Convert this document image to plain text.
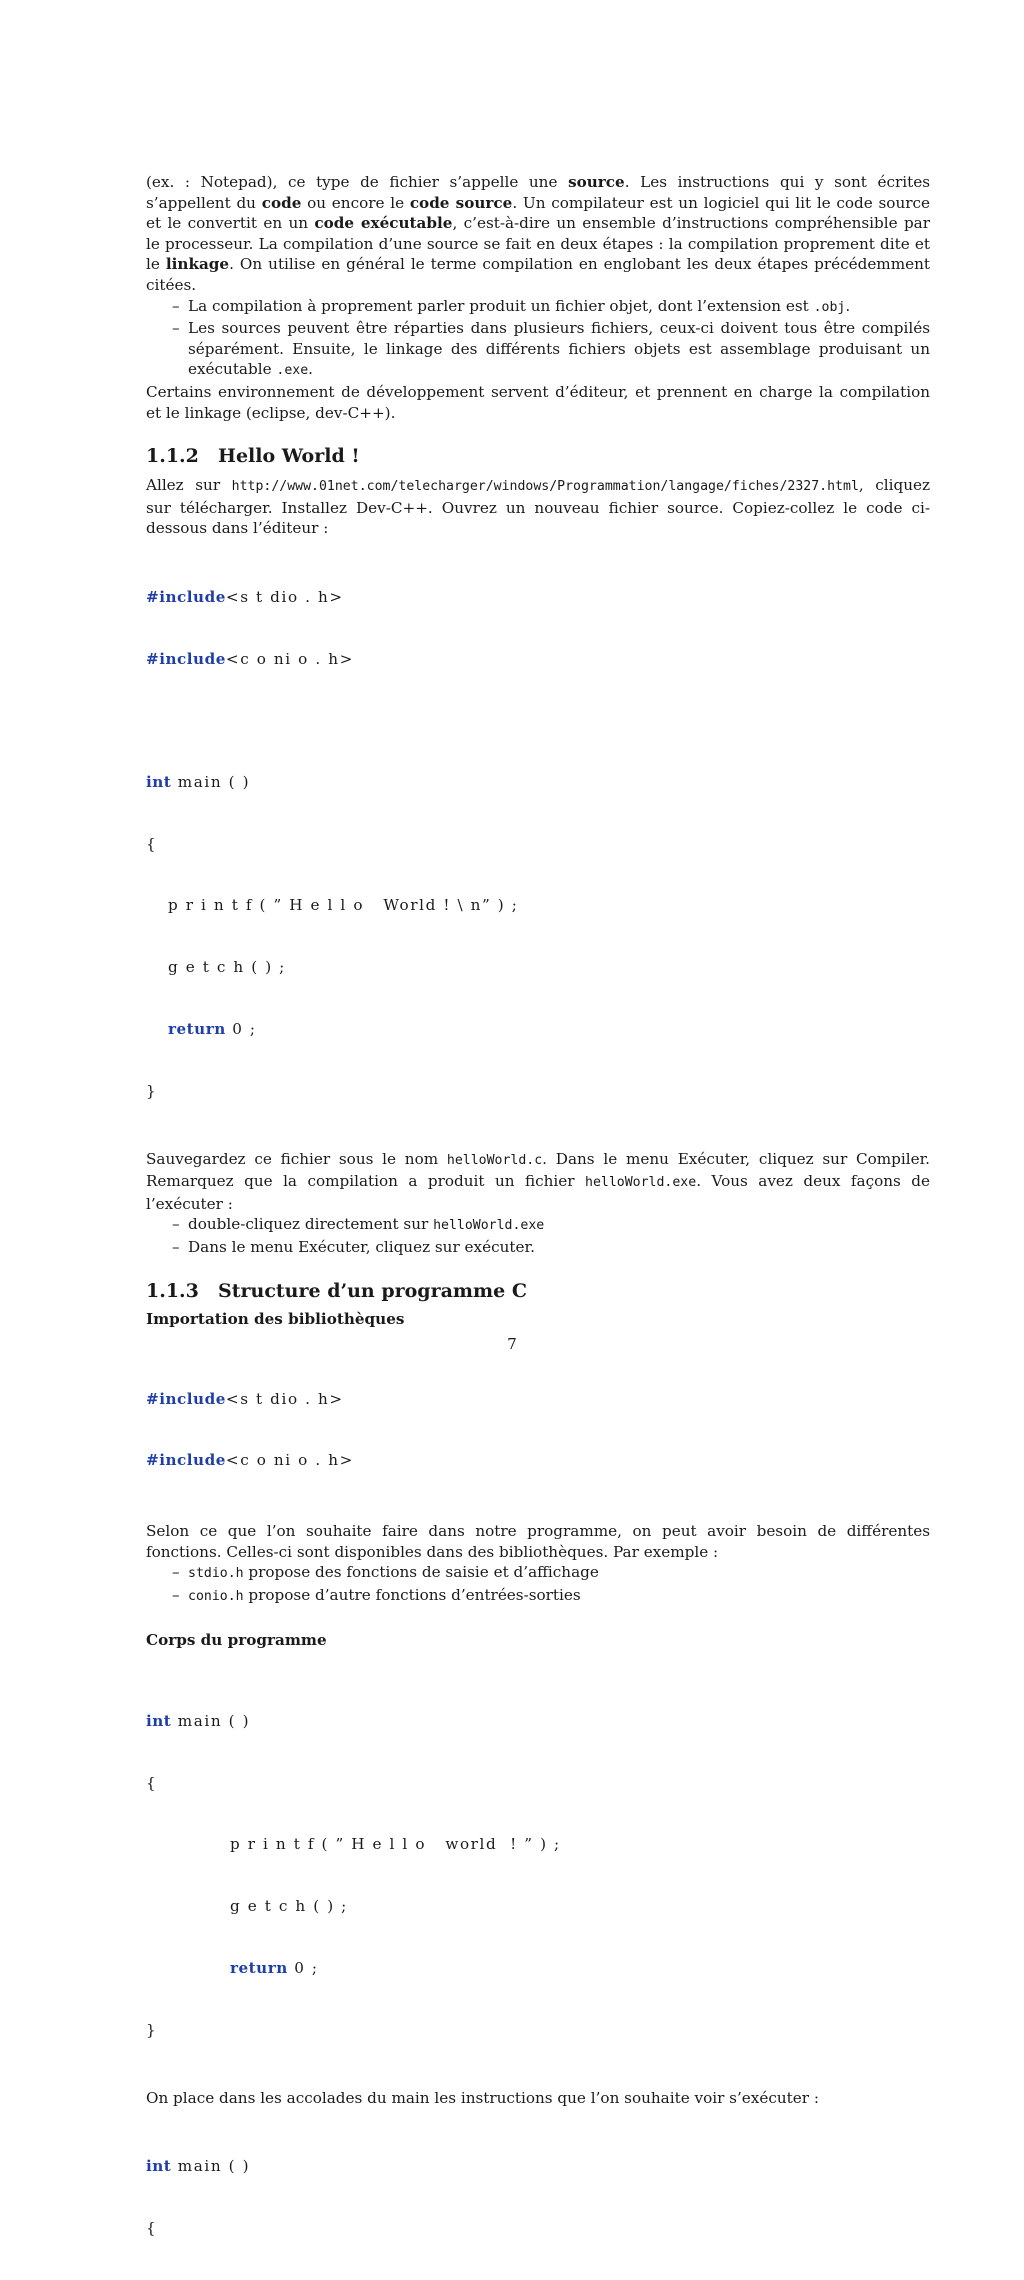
(ex. : Notepad), ce type de fichier s’appelle une source. Les instructions qui y sont écrites s’appellent du code ou encore le code source. Un compilateur est un logiciel qui lit le code source et le convertit en un code exécutable, c’est-à-dire un ensemble d’instructions compréhensible par le processeur. La compilation d’une source se fait en deux étapes : la compilation proprement dite et le linkage. On utilise en général le terme compilation en englobant les deux étapes précédemment citées.

– La compilation à proprement parler produit un fichier objet, dont l’extension est .obj.
– Les sources peuvent être réparties dans plusieurs fichiers, ceux-ci doivent tous être compilés séparément. Ensuite, le linkage des différents fichiers objets est assemblage produisant un exécutable .exe.

Certains environnement de développement servent d’éditeur, et prennent en charge la compilation et le linkage (eclipse, dev-C++).

1.1.2 Hello World !

Allez sur http://www.01net.com/telecharger/windows/Programmation/langage/fiches/2327.html, cliquez sur télécharger. Installez Dev-C++. Ouvrez un nouveau fichier source. Copiez-collez le code ci-dessous dans l’éditeur :

#include<s t dio . h>

#include<c o ni o . h>

int main ( )

{

p r i n t f ( ” H e l l o   World ! \ n” ) ;

g e t c h ( ) ;

return 0 ;

}

Sauvegardez ce fichier sous le nom helloWorld.c. Dans le menu Exécuter, cliquez sur Compiler. Remarquez que la compilation a produit un fichier helloWorld.exe. Vous avez deux façons de l’exécuter :

– double-cliquez directement sur helloWorld.exe
– Dans le menu Exécuter, cliquez sur exécuter.
1.1.3 Structure d’un programme C
Importation des bibliothèques

#include<s t dio . h>

#include<c o ni o . h>

Selon ce que l’on souhaite faire dans notre programme, on peut avoir besoin de différentes fonctions. Celles-ci sont disponibles dans des bibliothèques. Par exemple :

– stdio.h propose des fonctions de saisie et d’affichage
– conio.h propose d’autre fonctions d’entrées-sorties
Corps du programme

int main ( )

{

p r i n t f ( ” H e l l o   world  ! ” ) ;

g e t c h ( ) ;

return 0 ;

}

On place dans les accolades du main les instructions que l’on souhaite voir s’exécuter :

int main ( )

{

7
